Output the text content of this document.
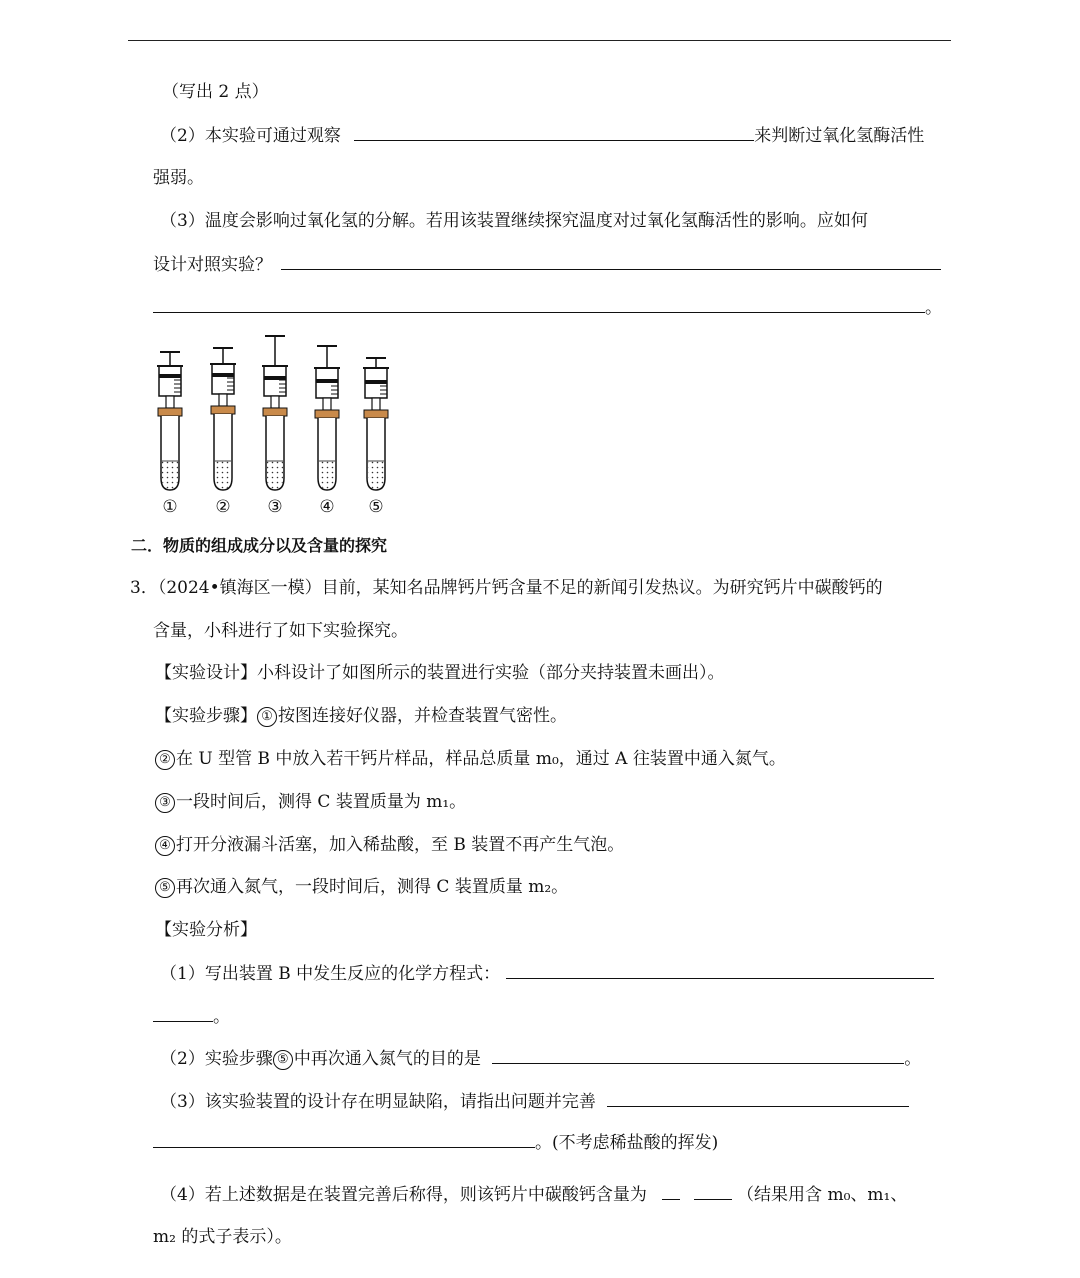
（写出 2 点）
（2）本实验可通过观察	来判断过氧化氢酶活性
强弱。
（3）温度会影响过氧化氢的分解。若用该装置继续探究温度对过氧化氢酶活性的影响。应如何
设计对照实验？
。
① ② ③ ④ ⑤
二．物质的组成成分以及含量的探究
3．（2024•镇海区一模）目前，某知名品牌钙片钙含量不足的新闻引发热议。为研究钙片中碳酸钙的
含量，小科进行了如下实验探究。
【实验设计】小科设计了如图所示的装置进行实验（部分夹持装置未画出）。
【实验步骤】 ① 按图连接好仪器，并检查装置气密性。
② 在 U 型管 B 中放入若干钙片样品，样品总质量 m₀，通过 A 往装置中通入氮气。
③ 一段时间后，测得 C 装置质量为 m₁。
④ 打开分液漏斗活塞，加入稀盐酸，至 B 装置不再产生气泡。
⑤ 再次通入氮气，一段时间后，测得 C 装置质量 m₂。
【实验分析】
（1）写出装置 B 中发生反应的化学方程式：
。
（2）实验步骤 ⑤ 中再次通入氮气的目的是	。
（3）该实验装置的设计存在明显缺陷，请指出问题并完善
。(不考虑稀盐酸的挥发)
（4）若上述数据是在装置完善后称得，则该钙片中碳酸钙含量为	（结果用含 m₀、m₁、
m₂ 的式子表示）。
